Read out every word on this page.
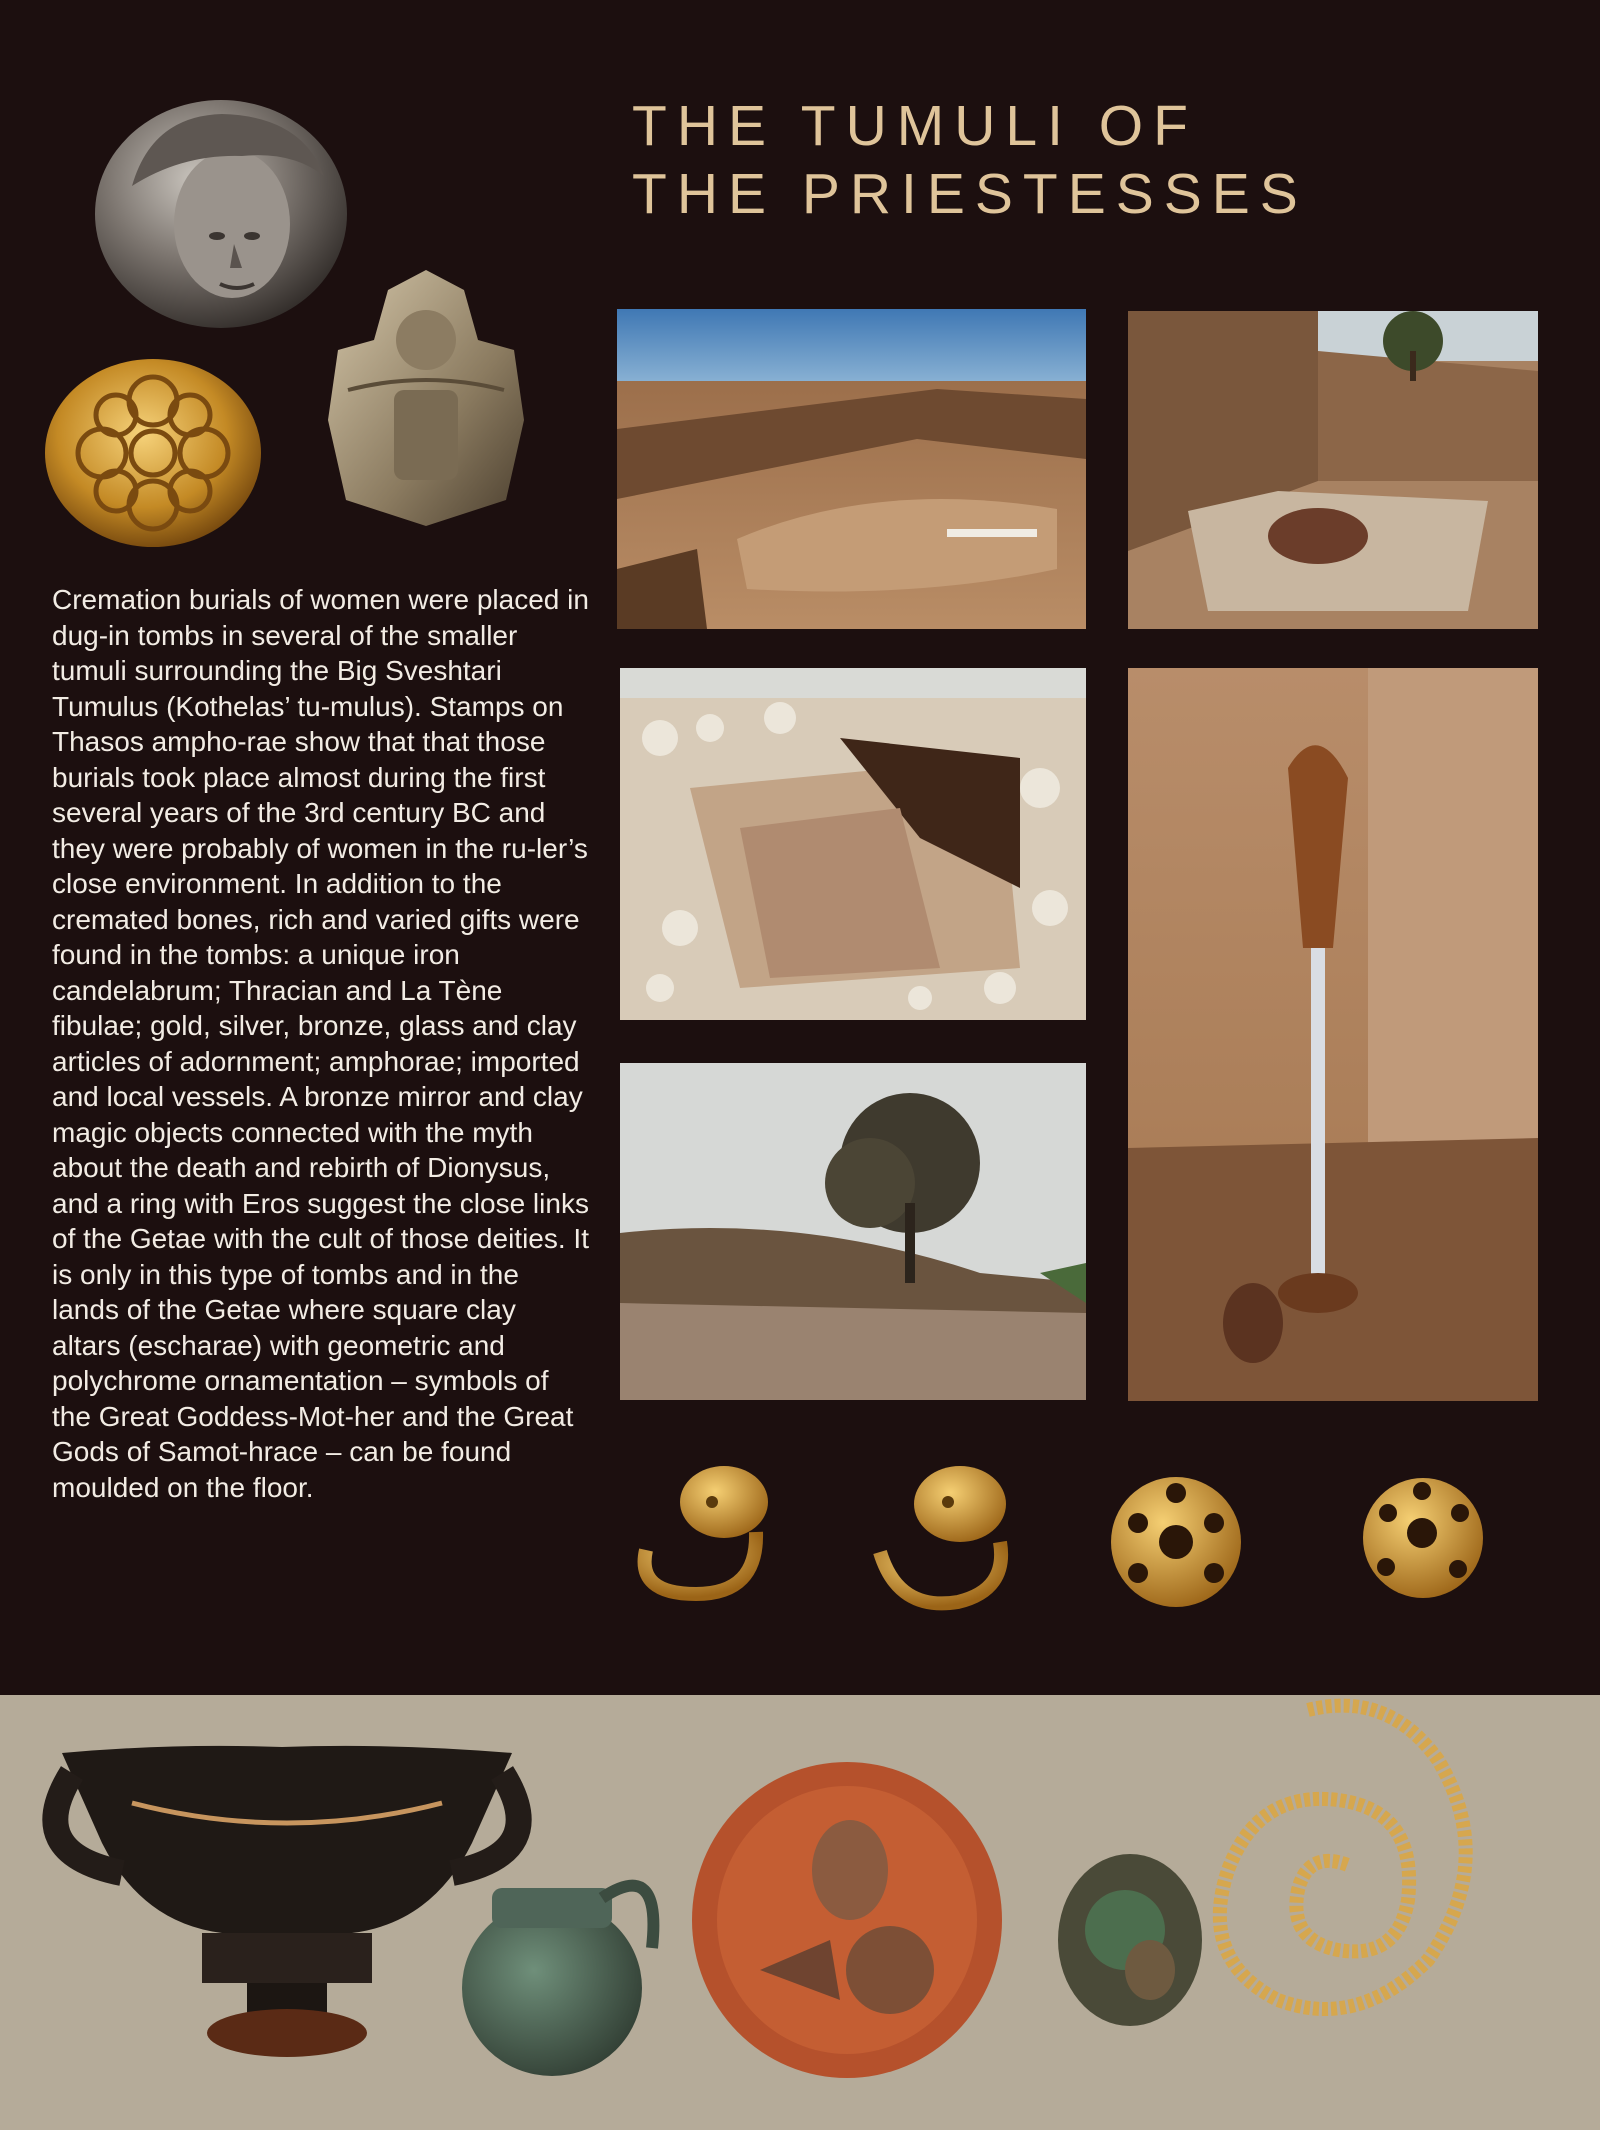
THE TUMULI OF
THE PRIESTESSES

Cremation burials of women were placed in dug-in tombs in several of the smaller tumuli surrounding the Big Sveshtari Tumulus (Kothelas’ tu-mulus). Stamps on Thasos ampho-rae show that that those burials took place almost during the first several years of the 3rd century BC and they were probably of women in the ru-ler’s close environment. In addition to the cremated bones, rich and varied gifts were found in the tombs: a unique iron candelabrum; Thracian and La Tène fibulae; gold, silver, bronze, glass and clay articles of adornment; amphorae; imported and local vessels. A bronze mirror and clay magic objects connected with the myth about the death and rebirth of Dionysus, and a ring with Eros suggest the close links of the Getae with the cult of those deities. It is only in this type of tombs and in the lands of the Getae where square clay altars (escharae) with geometric and polychrome ornamentation – symbols of the Great Goddess-Mot-her and the Great Gods of Samot-hrace – can be found moulded on the floor.
